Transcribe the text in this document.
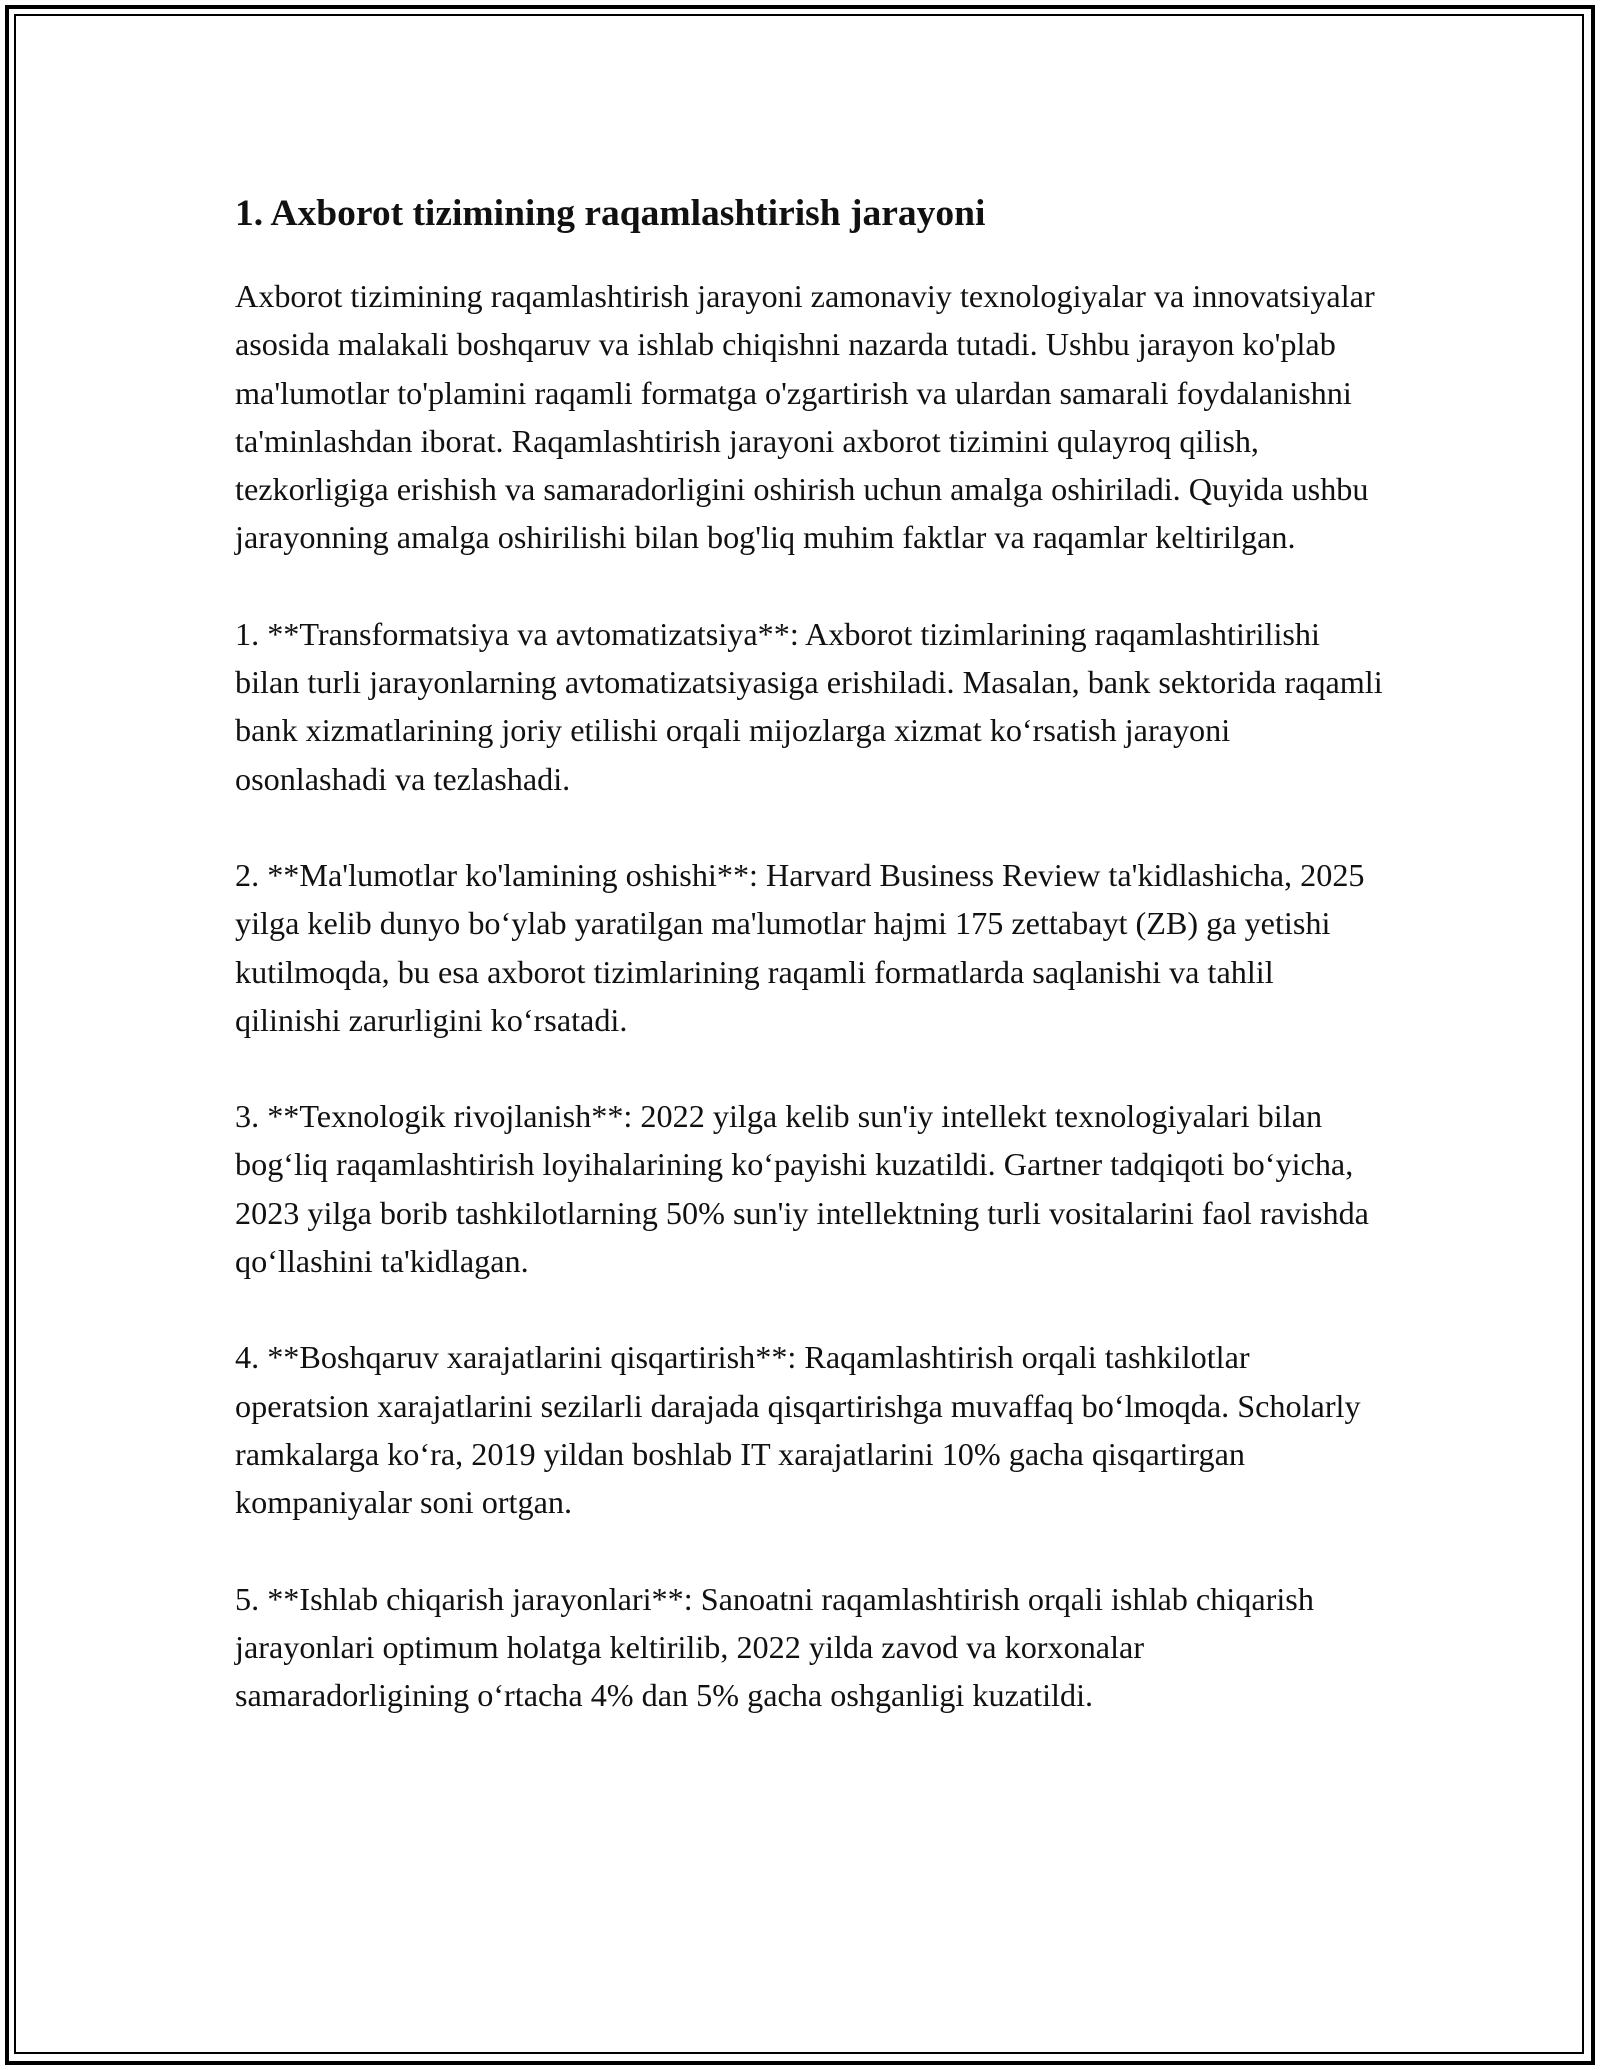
1. Axborot tizimining raqamlashtirish jarayoni

Axborot tizimining raqamlashtirish jarayoni zamonaviy texnologiyalar va innovatsiyalar asosida malakali boshqaruv va ishlab chiqishni nazarda tutadi. Ushbu jarayon ko'plab ma'lumotlar to'plamini raqamli formatga o'zgartirish va ulardan samarali foydalanishni ta'minlashdan iborat. Raqamlashtirish jarayoni axborot tizimini qulayroq qilish, tezkorligiga erishish va samaradorligini oshirish uchun amalga oshiriladi. Quyida ushbu jarayonning amalga oshirilishi bilan bog'liq muhim faktlar va raqamlar keltirilgan.

1. **Transformatsiya va avtomatizatsiya**: Axborot tizimlarining raqamlashtirilishi bilan turli jarayonlarning avtomatizatsiyasiga erishiladi. Masalan, bank sektorida raqamli bank xizmatlarining joriy etilishi orqali mijozlarga xizmat ko‘rsatish jarayoni osonlashadi va tezlashadi.

2. **Ma'lumotlar ko'lamining oshishi**: Harvard Business Review ta'kidlashicha, 2025 yilga kelib dunyo bo‘ylab yaratilgan ma'lumotlar hajmi 175 zettabayt (ZB) ga yetishi kutilmoqda, bu esa axborot tizimlarining raqamli formatlarda saqlanishi va tahlil qilinishi zarurligini ko‘rsatadi.

3. **Texnologik rivojlanish**: 2022 yilga kelib sun'iy intellekt texnologiyalari bilan bog‘liq raqamlashtirish loyihalarining ko‘payishi kuzatildi. Gartner tadqiqoti bo‘yicha, 2023 yilga borib tashkilotlarning 50% sun'iy intellektning turli vositalarini faol ravishda qo‘llashini ta'kidlagan.

4. **Boshqaruv xarajatlarini qisqartirish**: Raqamlashtirish orqali tashkilotlar operatsion xarajatlarini sezilarli darajada qisqartirishga muvaffaq bo‘lmoqda. Scholarly ramkalarga ko‘ra, 2019 yildan boshlab IT xarajatlarini 10% gacha qisqartirgan kompaniyalar soni ortgan.

5. **Ishlab chiqarish jarayonlari**: Sanoatni raqamlashtirish orqali ishlab chiqarish jarayonlari optimum holatga keltirilib, 2022 yilda zavod va korxonalar samaradorligining o‘rtacha 4% dan 5% gacha oshganligi kuzatildi.
